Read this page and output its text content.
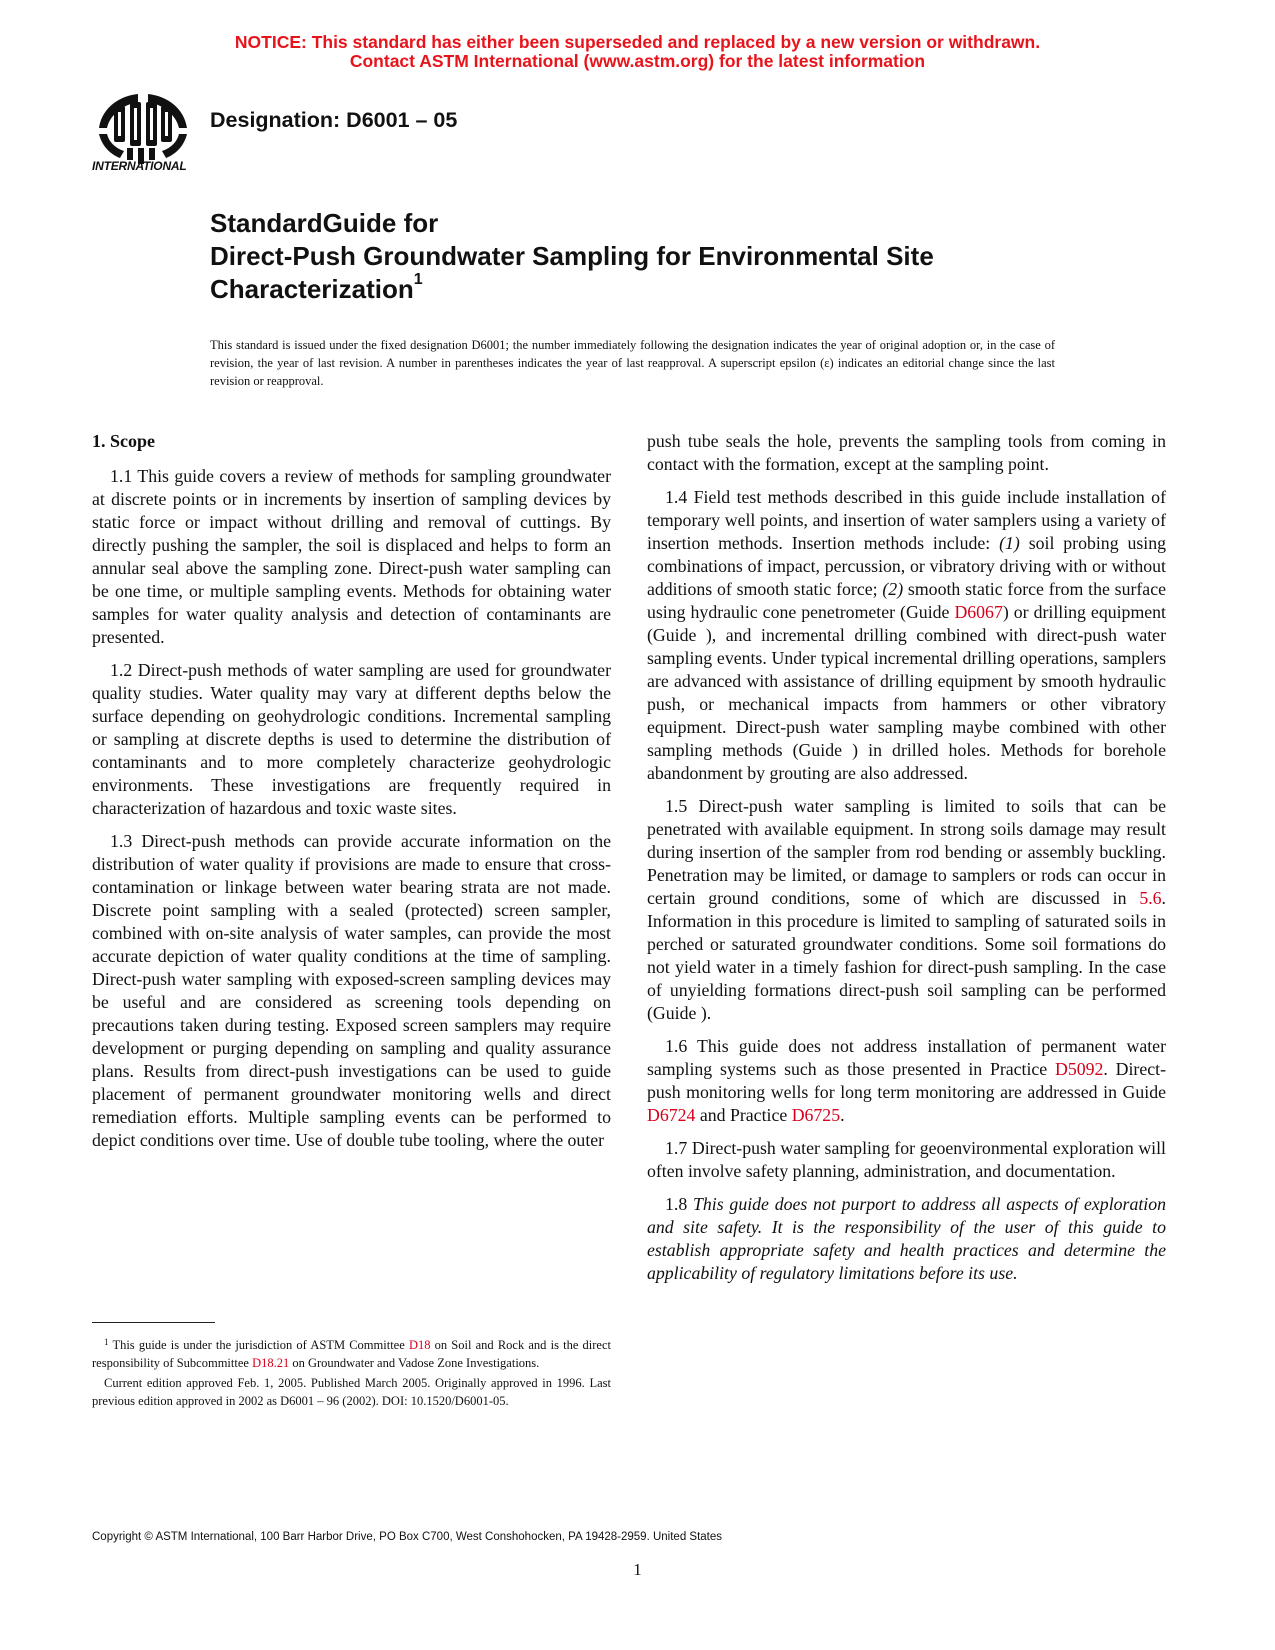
NOTICE: This standard has either been superseded and replaced by a new version or withdrawn.
Contact ASTM International (www.astm.org) for the latest information
INTERNATIONAL
Designation: D6001 – 05
StandardGuide for
Direct-Push Groundwater Sampling for Environmental Site
Characterization$^1$
This standard is issued under the fixed designation D6001; the number immediately following the designation indicates the year of original adoption or, in the case of revision, the year of last revision. A number in parentheses indicates the year of last reapproval. A superscript epsilon (ε) indicates an editorial change since the last revision or reapproval.

1. Scope

1.1 This guide covers a review of methods for sampling groundwater at discrete points or in increments by insertion of sampling devices by static force or impact without drilling and removal of cuttings. By directly pushing the sampler, the soil is displaced and helps to form an annular seal above the sampling zone. Direct-push water sampling can be one time, or multiple sampling events. Methods for obtaining water samples for water quality analysis and detection of contaminants are presented.

1.2 Direct-push methods of water sampling are used for groundwater quality studies. Water quality may vary at different depths below the surface depending on geohydrologic conditions. Incremental sampling or sampling at discrete depths is used to determine the distribution of contaminants and to more completely characterize geohydrologic environments. These investigations are frequently required in characterization of hazardous and toxic waste sites.

1.3 Direct-push methods can provide accurate information on the distribution of water quality if provisions are made to ensure that cross-contamination or linkage between water bearing strata are not made. Discrete point sampling with a sealed (protected) screen sampler, combined with on-site analysis of water samples, can provide the most accurate depiction of water quality conditions at the time of sampling. Direct-push water sampling with exposed-screen sampling devices may be useful and are considered as screening tools depending on precautions taken during testing. Exposed screen samplers may require development or purging depending on sampling and quality assurance plans. Results from direct-push investigations can be used to guide placement of permanent groundwater monitoring wells and direct remediation efforts. Multiple sampling events can be performed to depict conditions over time. Use of double tube tooling, where the outer

push tube seals the hole, prevents the sampling tools from coming in contact with the formation, except at the sampling point.

1.4 Field test methods described in this guide include installation of temporary well points, and insertion of water samplers using a variety of insertion methods. Insertion methods include: (1) soil probing using combinations of impact, percussion, or vibratory driving with or without additions of smooth static force; (2) smooth static force from the surface using hydraulic cone penetrometer (Guide D6067) or drilling equipment (Guide ), and incremental drilling combined with direct-push water sampling events. Under typical incremental drilling operations, samplers are advanced with assistance of drilling equipment by smooth hydraulic push, or mechanical impacts from hammers or other vibratory equipment. Direct-push water sampling maybe combined with other sampling methods (Guide ) in drilled holes. Methods for borehole abandonment by grouting are also addressed.

1.5 Direct-push water sampling is limited to soils that can be penetrated with available equipment. In strong soils damage may result during insertion of the sampler from rod bending or assembly buckling. Penetration may be limited, or damage to samplers or rods can occur in certain ground conditions, some of which are discussed in 5.6. Information in this procedure is limited to sampling of saturated soils in perched or saturated groundwater conditions. Some soil formations do not yield water in a timely fashion for direct-push sampling. In the case of unyielding formations direct-push soil sampling can be performed (Guide ).

1.6 This guide does not address installation of permanent water sampling systems such as those presented in Practice D5092. Direct-push monitoring wells for long term monitoring are addressed in Guide D6724 and Practice D6725.

1.7 Direct-push water sampling for geoenvironmental exploration will often involve safety planning, administration, and documentation.

1.8 This guide does not purport to address all aspects of exploration and site safety. It is the responsibility of the user of this guide to establish appropriate safety and health practices and determine the applicability of regulatory limitations before its use.

$^1$ This guide is under the jurisdiction of ASTM Committee D18 on Soil and Rock and is the direct responsibility of Subcommittee D18.21 on Groundwater and Vadose Zone Investigations.

Current edition approved Feb. 1, 2005. Published March 2005. Originally approved in 1996. Last previous edition approved in 2002 as D6001 – 96 (2002). DOI: 10.1520/D6001-05.

Copyright © ASTM International, 100 Barr Harbor Drive, PO Box C700, West Conshohocken, PA 19428-2959. United States
1
